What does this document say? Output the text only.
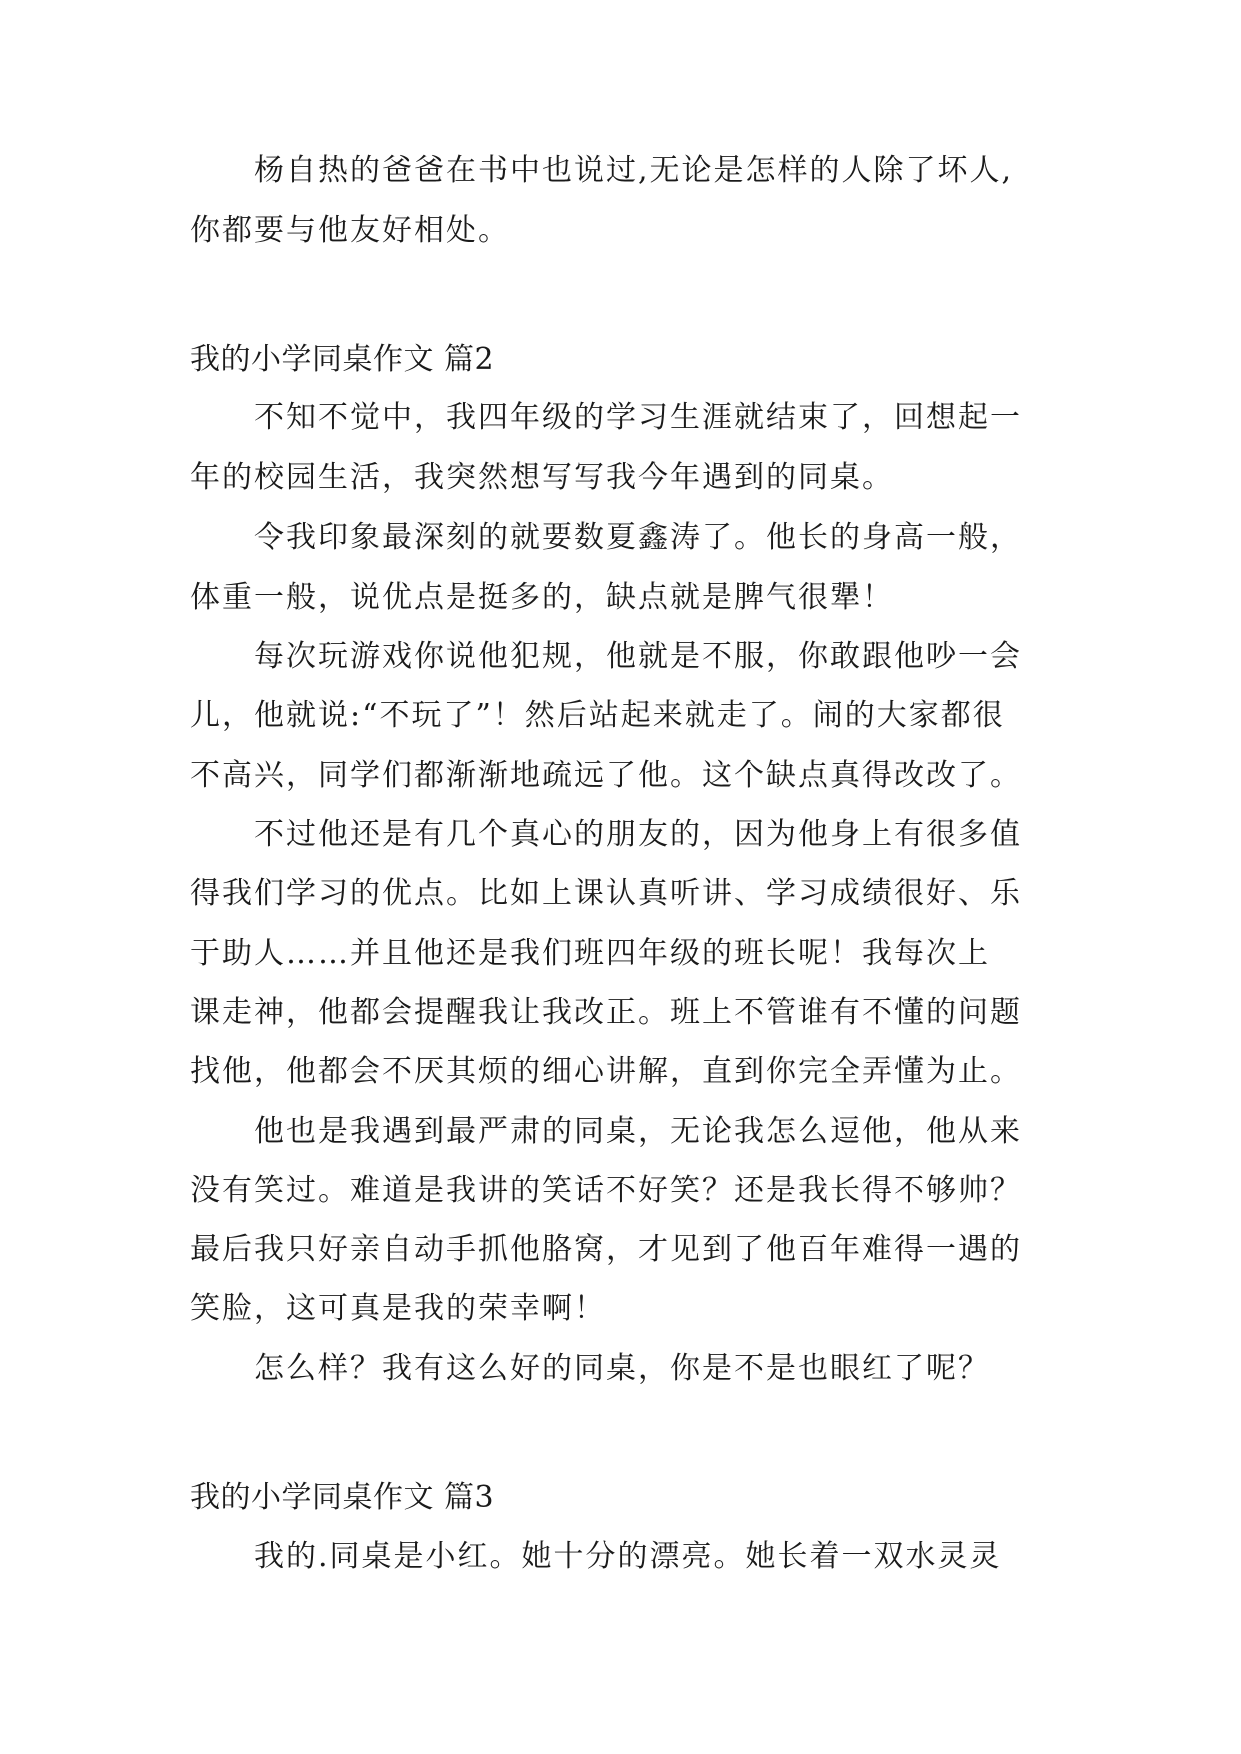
杨自热的爸爸在书中也说过,无论是怎样的人除了坏人,
你都要与他友好相处。
我的小学同桌作文 篇2
不知不觉中，我四年级的学习生涯就结束了，回想起一
年的校园生活，我突然想写写我今年遇到的同桌。
令我印象最深刻的就要数夏鑫涛了。他长的身高一般，
体重一般，说优点是挺多的，缺点就是脾气很犟！
每次玩游戏你说他犯规，他就是不服，你敢跟他吵一会
儿，他就说:“不玩了”！然后站起来就走了。闹的大家都很
不高兴，同学们都渐渐地疏远了他。这个缺点真得改改了。
不过他还是有几个真心的朋友的，因为他身上有很多值
得我们学习的优点。比如上课认真听讲、学习成绩很好、乐
于助人……并且他还是我们班四年级的班长呢！我每次上
课走神，他都会提醒我让我改正。班上不管谁有不懂的问题
找他，他都会不厌其烦的细心讲解，直到你完全弄懂为止。
他也是我遇到最严肃的同桌，无论我怎么逗他，他从来
没有笑过。难道是我讲的笑话不好笑？还是我长得不够帅？
最后我只好亲自动手抓他胳窝，才见到了他百年难得一遇的
笑脸，这可真是我的荣幸啊！
怎么样？我有这么好的同桌，你是不是也眼红了呢？
我的小学同桌作文 篇3
我的.同桌是小红。她十分的漂亮。她长着一双水灵灵
